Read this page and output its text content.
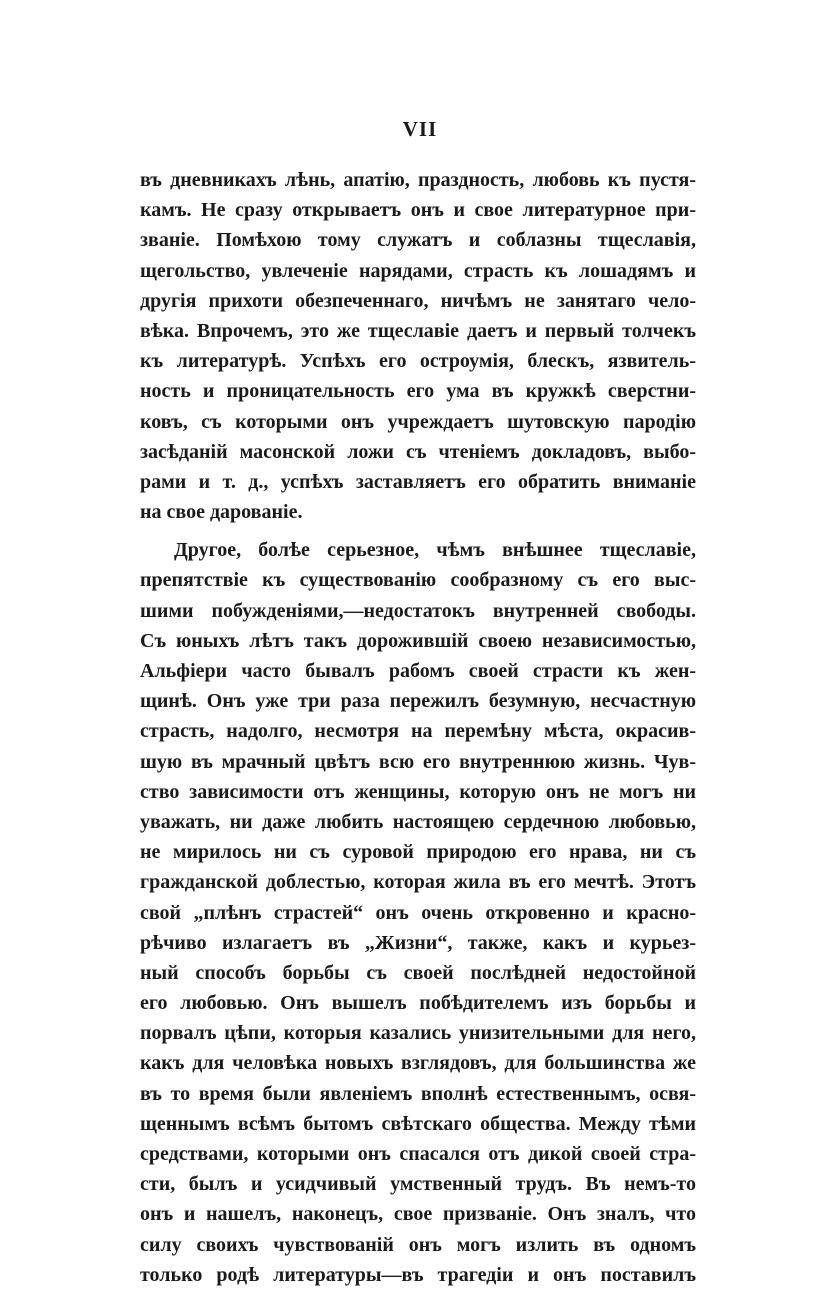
VII
въ дневникахъ лѣнь, апатію, праздность, любовь къ пустя-
камъ. Не сразу открываетъ онъ и свое литературное при-
званіе. Помѣхою тому служатъ и соблазны тщеславія,
щегольство, увлеченіе нарядами, страсть къ лошадямъ и
другія прихоти обезпеченнаго, ничѣмъ не занятаго чело-
вѣка. Впрочемъ, это же тщеславіе даетъ и первый толчекъ
къ литературѣ. Успѣхъ его остроумія, блескъ, язвитель-
ность и проницательность его ума въ кружкѣ сверстни-
ковъ, съ которыми онъ учреждаетъ шутовскую пародію
засѣданій масонской ложи съ чтеніемъ докладовъ, выбо-
рами и т. д., успѣхъ заставляетъ его обратить вниманіе
на свое дарованіе.
Другое, болѣе серьезное, чѣмъ внѣшнее тщеславіе,
препятствіе къ существованію сообразному съ его выс-
шими побужденіями,—недостатокъ внутренней свободы.
Съ юныхъ лѣтъ такъ дорожившій своею независимостью,
Альфіери часто бывалъ рабомъ своей страсти къ жен-
щинѣ. Онъ уже три раза пережилъ безумную, несчастную
страсть, надолго, несмотря на перемѣну мѣста, окрасив-
шую въ мрачный цвѣтъ всю его внутреннюю жизнь. Чув-
ство зависимости отъ женщины, которую онъ не могъ ни
уважать, ни даже любить настоящею сердечною любовью,
не мирилось ни съ суровой природою его нрава, ни съ
гражданской доблестью, которая жила въ его мечтѣ. Этотъ
свой „плѣнъ страстей“ онъ очень откровенно и красно-
рѣчиво излагаетъ въ „Жизни“, также, какъ и курьез-
ный способъ борьбы съ своей послѣдней недостойной
его любовью. Онъ вышелъ побѣдителемъ изъ борьбы и
порвалъ цѣпи, которыя казались унизительными для него,
какъ для человѣка новыхъ взглядовъ, для большинства же
въ то время были явленіемъ вполнѣ естественнымъ, освя-
щеннымъ всѣмъ бытомъ свѣтскаго общества. Между тѣми
средствами, которыми онъ спасался отъ дикой своей стра-
сти, былъ и усидчивый умственный трудъ. Въ немъ-то
онъ и нашелъ, наконецъ, свое призваніе. Онъ зналъ, что
силу своихъ чувствованій онъ могъ излить въ одномъ
только родѣ литературы—въ трагедіи и онъ поставилъ
